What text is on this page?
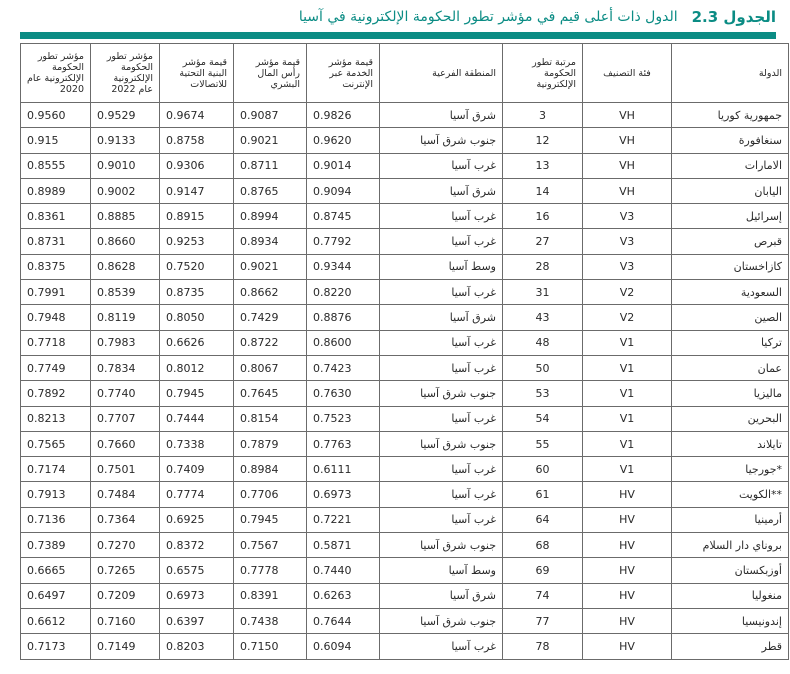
الجدول 2.3
الدول ذات أعلى قيم في مؤشر تطور الحكومة الإلكترونية في آسيا
الدولة	فئة التصنيف	مرتبة تطور الحكومة الإلكترونية	المنطقة الفرعية	قيمة مؤشر الخدمة عبر الإنترنت	قيمة مؤشر رأس المال البشري	قيمة مؤشر البنية التحتية للاتصالات	مؤشر تطور الحكومة الإلكترونية عام 2022	مؤشر تطور الحكومة الإلكترونية عام 2020
جمهورية كوريا	VH	3	شرق آسيا	0.9826	0.9087	0.9674	0.9529	0.9560
سنغافورة	VH	12	جنوب شرق آسيا	0.9620	0.9021	0.8758	0.9133	0.915
الامارات	VH	13	غرب آسيا	0.9014	0.8711	0.9306	0.9010	0.8555
اليابان	VH	14	شرق آسيا	0.9094	0.8765	0.9147	0.9002	0.8989
إسرائيل	V3	16	غرب آسيا	0.8745	0.8994	0.8915	0.8885	0.8361
قبرص	V3	27	غرب آسيا	0.7792	0.8934	0.9253	0.8660	0.8731
كازاخستان	V3	28	وسط آسيا	0.9344	0.9021	0.7520	0.8628	0.8375
السعودية	V2	31	غرب آسيا	0.8220	0.8662	0.8735	0.8539	0.7991
الصين	V2	43	شرق آسيا	0.8876	0.7429	0.8050	0.8119	0.7948
تركيا	V1	48	غرب آسيا	0.8600	0.8722	0.6626	0.7983	0.7718
عمان	V1	50	غرب آسيا	0.7423	0.8067	0.8012	0.7834	0.7749
ماليزيا	V1	53	جنوب شرق آسيا	0.7630	0.7645	0.7945	0.7740	0.7892
البحرين	V1	54	غرب آسيا	0.7523	0.8154	0.7444	0.7707	0.8213
تايلاند	V1	55	جنوب شرق آسيا	0.7763	0.7879	0.7338	0.7660	0.7565
*جورجيا	V1	60	غرب آسيا	0.6111	0.8984	0.7409	0.7501	0.7174
**الكويت	HV	61	غرب آسيا	0.6973	0.7706	0.7774	0.7484	0.7913
أرمينيا	HV	64	غرب آسيا	0.7221	0.7945	0.6925	0.7364	0.7136
بروناي دار السلام	HV	68	جنوب شرق آسيا	0.5871	0.7567	0.8372	0.7270	0.7389
أوزبكستان	HV	69	وسط آسيا	0.7440	0.7778	0.6575	0.7265	0.6665
منغوليا	HV	74	شرق آسيا	0.6263	0.8391	0.6973	0.7209	0.6497
إندونيسيا	HV	77	جنوب شرق آسيا	0.7644	0.7438	0.6397	0.7160	0.6612
قطر	HV	78	غرب آسيا	0.6094	0.7150	0.8203	0.7149	0.7173
